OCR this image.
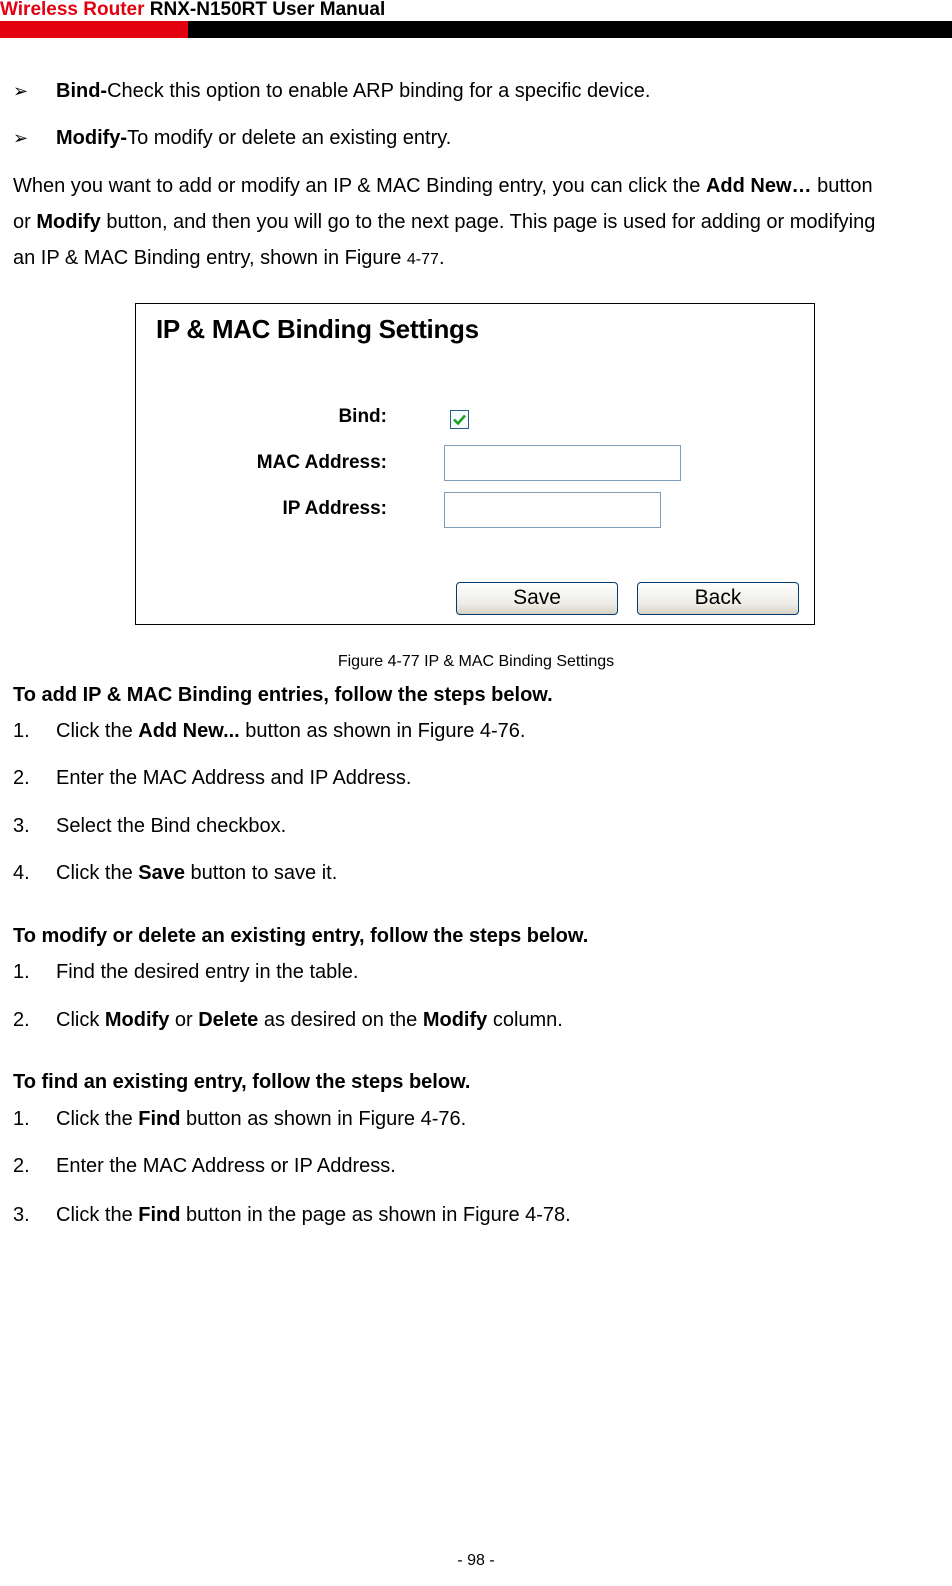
Wireless Router RNX-N150RT User Manual
➢ Bind-Check this option to enable ARP binding for a specific device.
➢ Modify-To modify or delete an existing entry.
When you want to add or modify an IP & MAC Binding entry, you can click the Add New… button
or Modify button, and then you will go to the next page. This page is used for adding or modifying
an IP & MAC Binding entry, shown in Figure 4-77.
IP & MAC Binding Settings
Bind:
MAC Address:
IP Address:
Save	Back
Figure 4-77 IP & MAC Binding Settings
To add IP & MAC Binding entries, follow the steps below.
1. Click the Add New... button as shown in Figure 4-76.
2. Enter the MAC Address and IP Address.
3. Select the Bind checkbox.
4. Click the Save button to save it.
To modify or delete an existing entry, follow the steps below.
1. Find the desired entry in the table.
2. Click Modify or Delete as desired on the Modify column.
To find an existing entry, follow the steps below.
1. Click the Find button as shown in Figure 4-76.
2. Enter the MAC Address or IP Address.
3. Click the Find button in the page as shown in Figure 4-78.
- 98 -
